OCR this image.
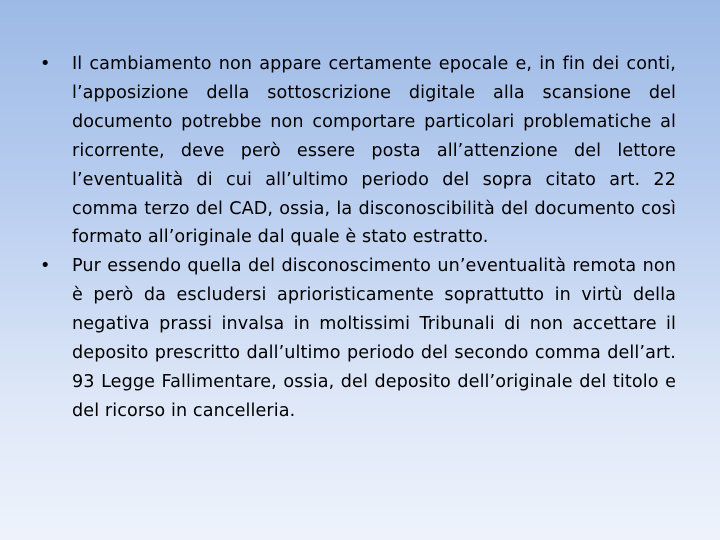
• Il cambiamento non appare certamente epocale e, in fin dei conti, l’apposizione della sottoscrizione digitale alla scansione del documento potrebbe non comportare particolari problematiche al ricorrente, deve però essere posta all’attenzione del lettore l’eventualità di cui all’ultimo periodo del sopra citato art. 22 comma terzo del CAD, ossia, la disconoscibilità del documento così formato all’originale dal quale è stato estratto.
• Pur essendo quella del disconoscimento un’eventualità remota non è però da escludersi aprioristicamente soprattutto in virtù della negativa prassi invalsa in moltissimi Tribunali di non accettare il deposito prescritto dall’ultimo periodo del secondo comma dell’art. 93 Legge Fallimentare, ossia, del deposito dell’originale del titolo e del ricorso in cancelleria.
